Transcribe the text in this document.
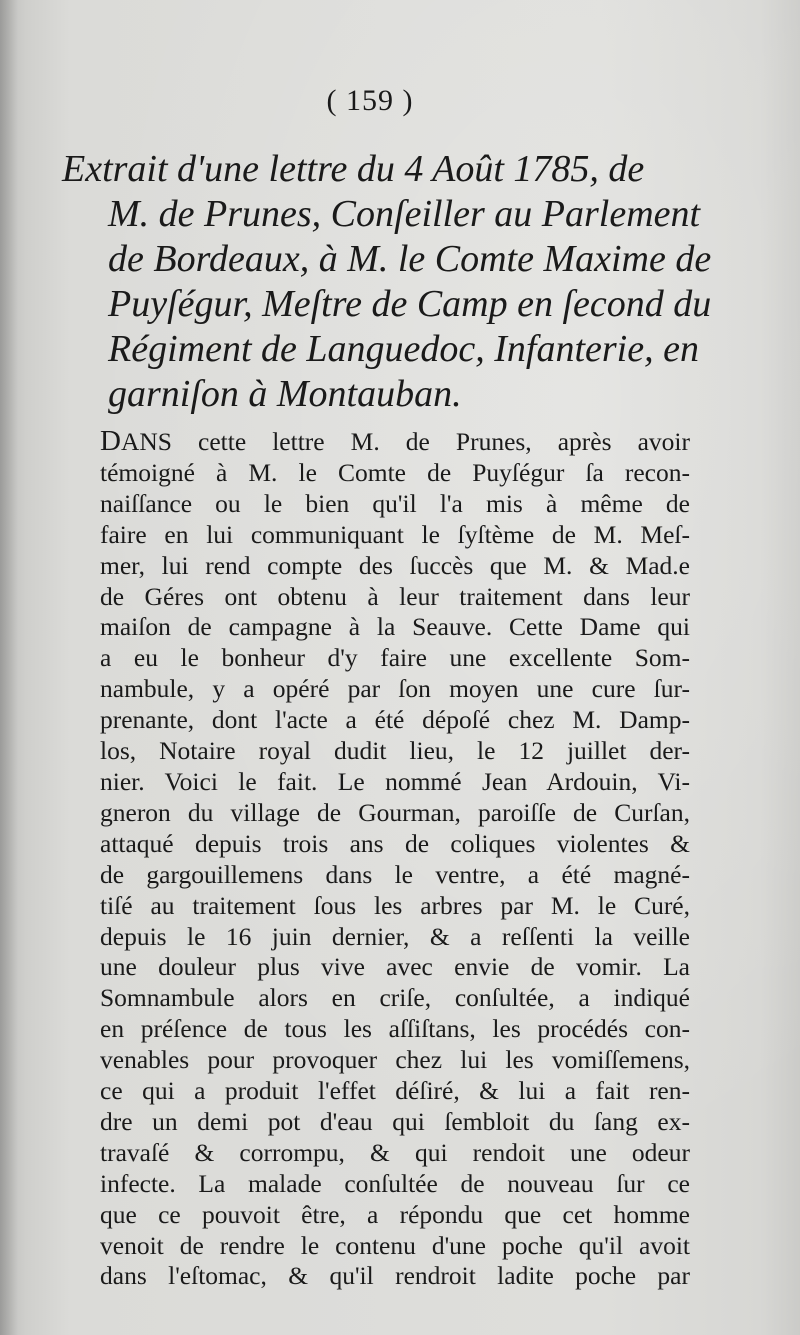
( 159 )
Extrait d'une lettre du 4 Août 1785, de
M. de Prunes, Conſeiller au Parlement
de Bordeaux, à M. le Comte Maxime de
Puyſégur, Meſtre de Camp en ſecond du
Régiment de Languedoc, Infanterie, en
garniſon à Montauban.
DANS cette lettre M. de Prunes, après avoir
témoigné à M. le Comte de Puyſégur ſa recon-
naiſſance ou le bien qu'il l'a mis à même de
faire en lui communiquant le ſyſtème de M. Meſ-
mer, lui rend compte des ſuccès que M. & Mad.e
de Géres ont obtenu à leur traitement dans leur
maiſon de campagne à la Seauve. Cette Dame qui
a eu le bonheur d'y faire une excellente Som-
nambule, y a opéré par ſon moyen une cure ſur-
prenante, dont l'acte a été dépoſé chez M. Damp-
los, Notaire royal dudit lieu, le 12 juillet der-
nier. Voici le fait. Le nommé Jean Ardouin, Vi-
gneron du village de Gourman, paroiſſe de Curſan,
attaqué depuis trois ans de coliques violentes &
de gargouillemens dans le ventre, a été magné-
tiſé au traitement ſous les arbres par M. le Curé,
depuis le 16 juin dernier, & a reſſenti la veille
une douleur plus vive avec envie de vomir. La
Somnambule alors en criſe, conſultée, a indiqué
en préſence de tous les aſſiſtans, les procédés con-
venables pour provoquer chez lui les vomiſſemens,
ce qui a produit l'effet déſiré, & lui a fait ren-
dre un demi pot d'eau qui ſembloit du ſang ex-
travaſé & corrompu, & qui rendoit une odeur
infecte. La malade conſultée de nouveau ſur ce
que ce pouvoit être, a répondu que cet homme
venoit de rendre le contenu d'une poche qu'il avoit
dans l'eſtomac, & qu'il rendroit ladite poche par
